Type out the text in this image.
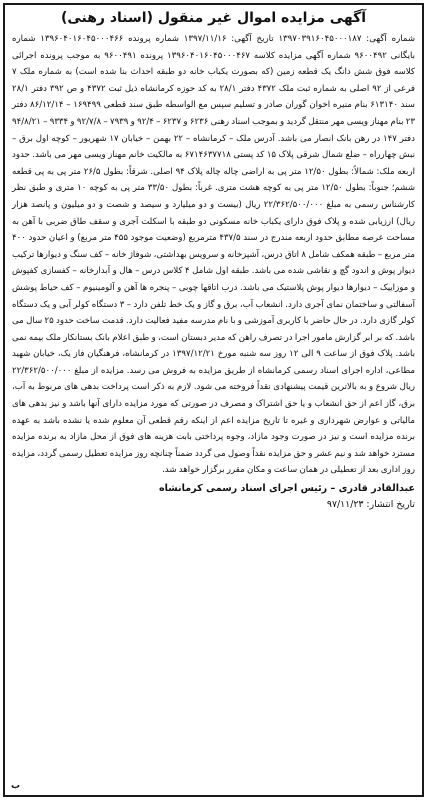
آگهی مزایده اموال غیر منقول (اسناد رهنی)

شماره آگهی: ۱۳۹۷۰۳۹۱۶۰۴۵۰۰۰۱۸۷ تاریخ آگهی: ۱۳۹۷/۱۱/۱۶ شماره پرونده ۱۳۹۶۰۴۰۱۶۰۴۵۰۰۰۴۶۶ شماره بایگانی ۹۶۰۰۴۹۲ شماره آگهی مزایده کلاسه ۱۳۹۶۰۴۰۱۶۰۴۵۰۰۰۴۶۷ پرونده ۹۶۰۰۴۹۱ به موجب پرونده اجرائی کلاسه فوق شش دانگ یک قطعه زمین (که بصورت یکباب خانه دو طبقه احداث بنا شده است) به شماره ملک ۷ فرعی از ۹۲ اصلی به شماره ثبت ملک ۴۳۷۲ دفتر ۲۸/۱ به کد حوزه کرمانشاه ذیل ثبت ۴۳۷۲ و ص ۳۹۲ دفتر ۲۸/۱ سند ۶۱۳۱۴۰ بنام منیره اخوان گوران صادر و تسلیم سپس مع الواسطه طبق سند قطعی ۱۶۹۴۹۹ – ۸۶/۱۲/۱۴ دفتر ۲۳ بنام مهناز ویسی مهر منتقل گردید و بموجب اسناد رهنی ۶۲۳۶ و ۶۲۳۷ – ۹۲/۴ و ۷۹۳۹ – ۹۲/۷/۸ و ۹۳۳۴ – ۹۴/۸/۲۱ دفتر ۱۴۷ در رهن بانک انصار می باشد. آدرس ملک – کرمانشاه – ۲۲ بهمن – خیابان ۱۷ شهریور – کوچه اول برق – نبش چهارراه – ضلع شمال شرقی پلاک ۱۵ کد پستی ۶۷۱۴۶۳۷۷۱۸ به مالکیت خانم مهناز ویسی مهر می باشد. حدود اربعه ملک: شمالاً: بطول ۱۲/۵۰ متر پی به اراضی چاله چاله پلاک ۹۴ اصلی. شرقاً: بطول ۲۶/۵ متر پی به پی قطعه ششم؛ جنوباً: بطول ۱۲/۵۰ متر پی به کوچه هشت متری. غرباً: بطول ۳۳/۵۰ متر پی به کوچه ۱۰ متری و طبق نظر کارشناس رسمی به مبلغ ۲۲/۳۶۲/۵۰۰/۰۰۰ ریال (بیست و دو میلیارد و سیصد و شصت و دو میلیون و پانصد هزار ریال) ارزیابی شده و پلاک فوق دارای یکباب خانه مسکونی دو طبقه با اسکلت آجری و سقف طاق ضربی با آهن به مساحت عرصه مطابق حدود اربعه مندرج در سند ۴۳۷/۵ مترمربع (وضعیت موجود ۴۵۵ متر مربع) و اعیان حدود ۴۰۰ متر مربع – طبقه همکف شامل ۸ اتاق درس، آشپزخانه و سرویس بهداشتی، شوفاژ خانه – کف سنگ و دیوارها ترکیب دیوار پوش و اندود گچ و نقاشی شده می باشد. طبقه اول شامل ۴ کلاس درس – هال و آبدارخانه – کفسازی کفپوش و موزاییک – دیوارها دیوار پوش پلاستیک می باشد. درب اتاقها چوبی – پنجره ها آهن و آلومینیوم – کف حیاط پوشش آسفالتی و ساختمان نمای آجری دارد. انشعاب آب، برق و گاز و یک خط تلفن دارد – ۳ دستگاه کولر آبی و یک دستگاه کولر گازی دارد. در حال حاضر با کاربری آموزشی و با نام مدرسه مفید فعالیت دارد. قدمت ساخت حدود ۲۵ سال می باشد. که بر ابر گزارش مامور اجرا در تصرف راهن که مدیر دبستان است، و طبق اعلام بانک بستانکار ملک بیمه نمی باشد. پلاک فوق از ساعت ۹ الی ۱۲ روز سه شنبه مورخ ۱۳۹۷/۱۲/۲۱ در کرمانشاه، فرهنگیان فاز یک، خیابان شهید مطاعی، اداره اجرای اسناد رسمی کرمانشاه از طریق مزایده به فروش می رسد. مزایده از مبلغ ۲۲/۳۶۲/۵۰۰/۰۰۰ ریال شروع و به بالاترین قیمت پیشنهادی نقداً فروخته می شود. لازم به ذکر است پرداخت بدهی های مربوط به آب، برق، گاز اعم از حق انشعاب و یا حق اشتراک و مصرف در صورتی که مورد مزایده دارای آنها باشد و نیز بدهی های مالیاتی و عوارض شهرداری و غیره تا تاریخ مزایده اعم از اینکه رقم قطعی آن معلوم شده یا نشده باشد به عهده برنده مزایده است و نیز در صورت وجود مازاد، وجوه پرداختی بابت هزینه های فوق از محل مازاد به برنده مزایده مسترد خواهد شد و نیم عشر و حق مزایده نقداً وصول می گردد ضمناً چنانچه روز مزایده تعطیل رسمی گردد، مزایده روز اداری بعد از تعطیلی در همان ساعت و مکان مقرر برگزار خواهد شد.

عبدالقادر قادری – رئیس اجرای اسناد رسمی کرمانشاه
تاریخ انتشار: ۹۷/۱۱/۲۳
ب
